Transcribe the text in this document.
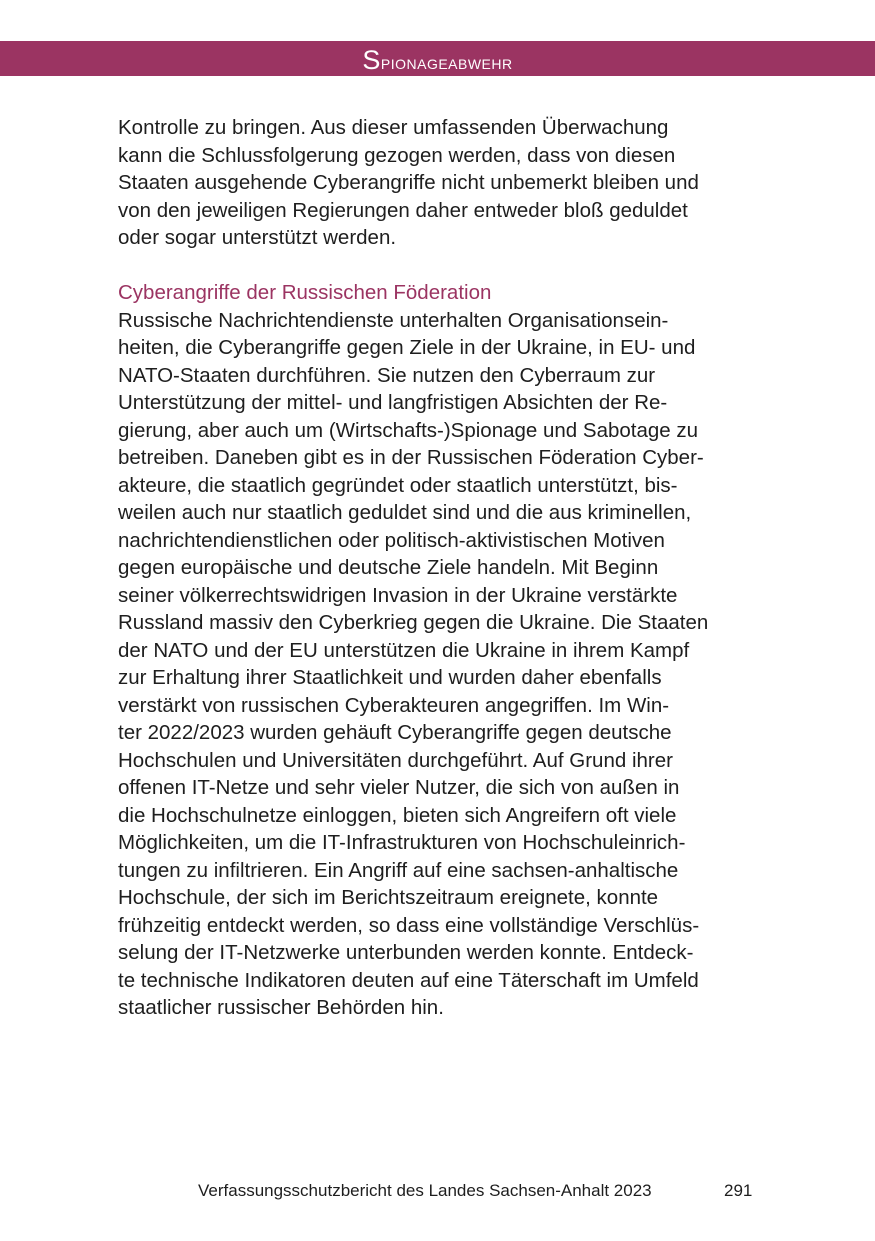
Spionageabwehr
Kontrolle zu bringen. Aus dieser umfassenden Überwachung
kann die Schlussfolgerung gezogen werden, dass von diesen
Staaten ausgehende Cyberangriffe nicht unbemerkt bleiben und
von den jeweiligen Regierungen daher entweder bloß geduldet
oder sogar unterstützt werden.
Cyberangriffe der Russischen Föderation
Russische Nachrichtendienste unterhalten Organisationsein-
heiten, die Cyberangriffe gegen Ziele in der Ukraine, in EU- und
NATO-Staaten durchführen. Sie nutzen den Cyberraum zur
Unterstützung der mittel- und langfristigen Absichten der Re-
gierung, aber auch um (Wirtschafts-)Spionage und Sabotage zu
betreiben. Daneben gibt es in der Russischen Föderation Cyber-
akteure, die staatlich gegründet oder staatlich unterstützt, bis-
weilen auch nur staatlich geduldet sind und die aus kriminellen,
nachrichtendienstlichen oder politisch-aktivistischen Motiven
gegen europäische und deutsche Ziele handeln. Mit Beginn
seiner völkerrechtswidrigen Invasion in der Ukraine verstärkte
Russland massiv den Cyberkrieg gegen die Ukraine. Die Staaten
der NATO und der EU unterstützen die Ukraine in ihrem Kampf
zur Erhaltung ihrer Staatlichkeit und wurden daher ebenfalls
verstärkt von russischen Cyberakteuren angegriffen. Im Win-
ter 2022/2023 wurden gehäuft Cyberangriffe gegen deutsche
Hochschulen und Universitäten durchgeführt. Auf Grund ihrer
offenen IT-Netze und sehr vieler Nutzer, die sich von außen in
die Hochschulnetze einloggen, bieten sich Angreifern oft viele
Möglichkeiten, um die IT-Infrastrukturen von Hochschuleinrich-
tungen zu infiltrieren. Ein Angriff auf eine sachsen-anhaltische
Hochschule, der sich im Berichtszeitraum ereignete, konnte
frühzeitig entdeckt werden, so dass eine vollständige Verschlüs-
selung der IT-Netzwerke unterbunden werden konnte. Entdeck-
te technische Indikatoren deuten auf eine Täterschaft im Umfeld
staatlicher russischer Behörden hin.
Verfassungsschutzbericht des Landes Sachsen-Anhalt 2023	291
